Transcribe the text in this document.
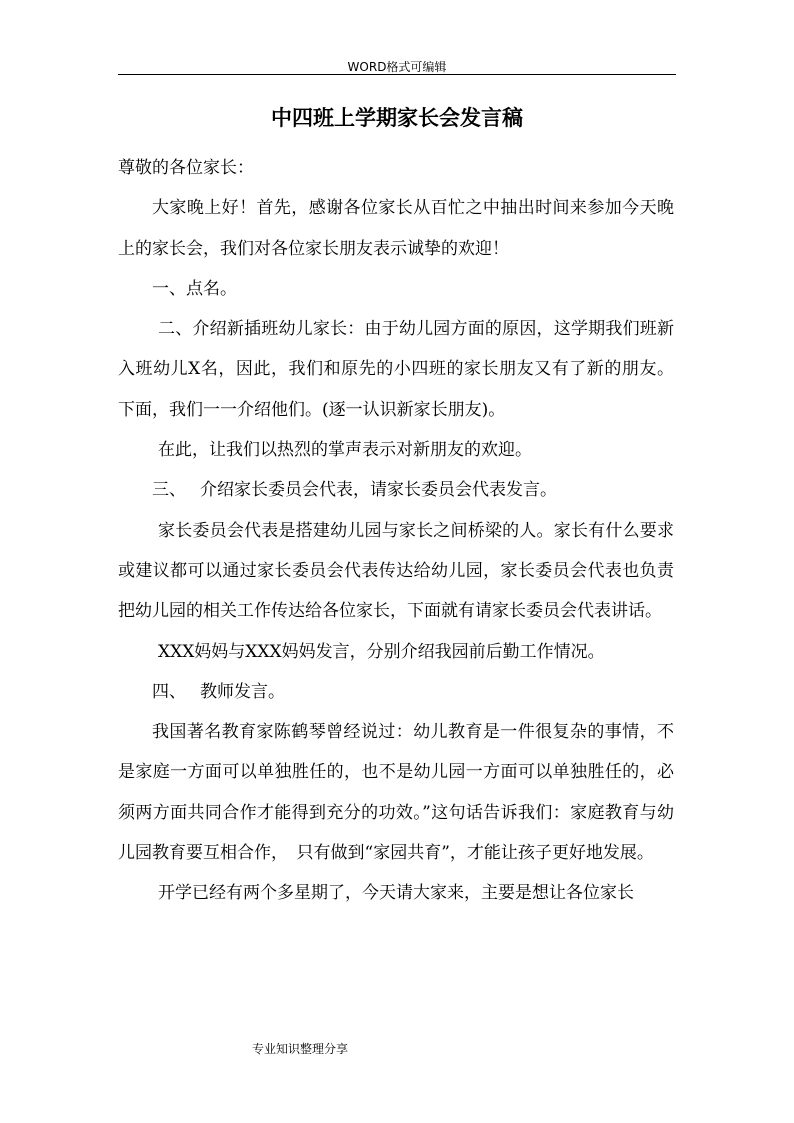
WORD格式可编辑
中四班上学期家长会发言稿

尊敬的各位家长：

大家晚上好！首先，感谢各位家长从百忙之中抽出时间来参加今天晚上的家长会，我们对各位家长朋友表示诚挚的欢迎！

一、点名。

二、介绍新插班幼儿家长：由于幼儿园方面的原因，这学期我们班新入班幼儿X名，因此，我们和原先的小四班的家长朋友又有了新的朋友。下面，我们一一介绍他们。(逐一认识新家长朋友)。

在此，让我们以热烈的掌声表示对新朋友的欢迎。

三、 介绍家长委员会代表，请家长委员会代表发言。

家长委员会代表是搭建幼儿园与家长之间桥梁的人。家长有什么要求或建议都可以通过家长委员会代表传达给幼儿园，家长委员会代表也负责把幼儿园的相关工作传达给各位家长，下面就有请家长委员会代表讲话。

XXX妈妈与XXX妈妈发言，分别介绍我园前后勤工作情况。

四、 教师发言。

我国著名教育家陈鹤琴曾经说过：幼儿教育是一件很复杂的事情，不是家庭一方面可以单独胜任的，也不是幼儿园一方面可以单独胜任的，必须两方面共同合作才能得到充分的功效。”这句话告诉我们：家庭教育与幼儿园教育要互相合作，　只有做到“家园共育”，才能让孩子更好地发展。

开学已经有两个多星期了，今天请大家来，主要是想让各位家长

专业知识整理分享
